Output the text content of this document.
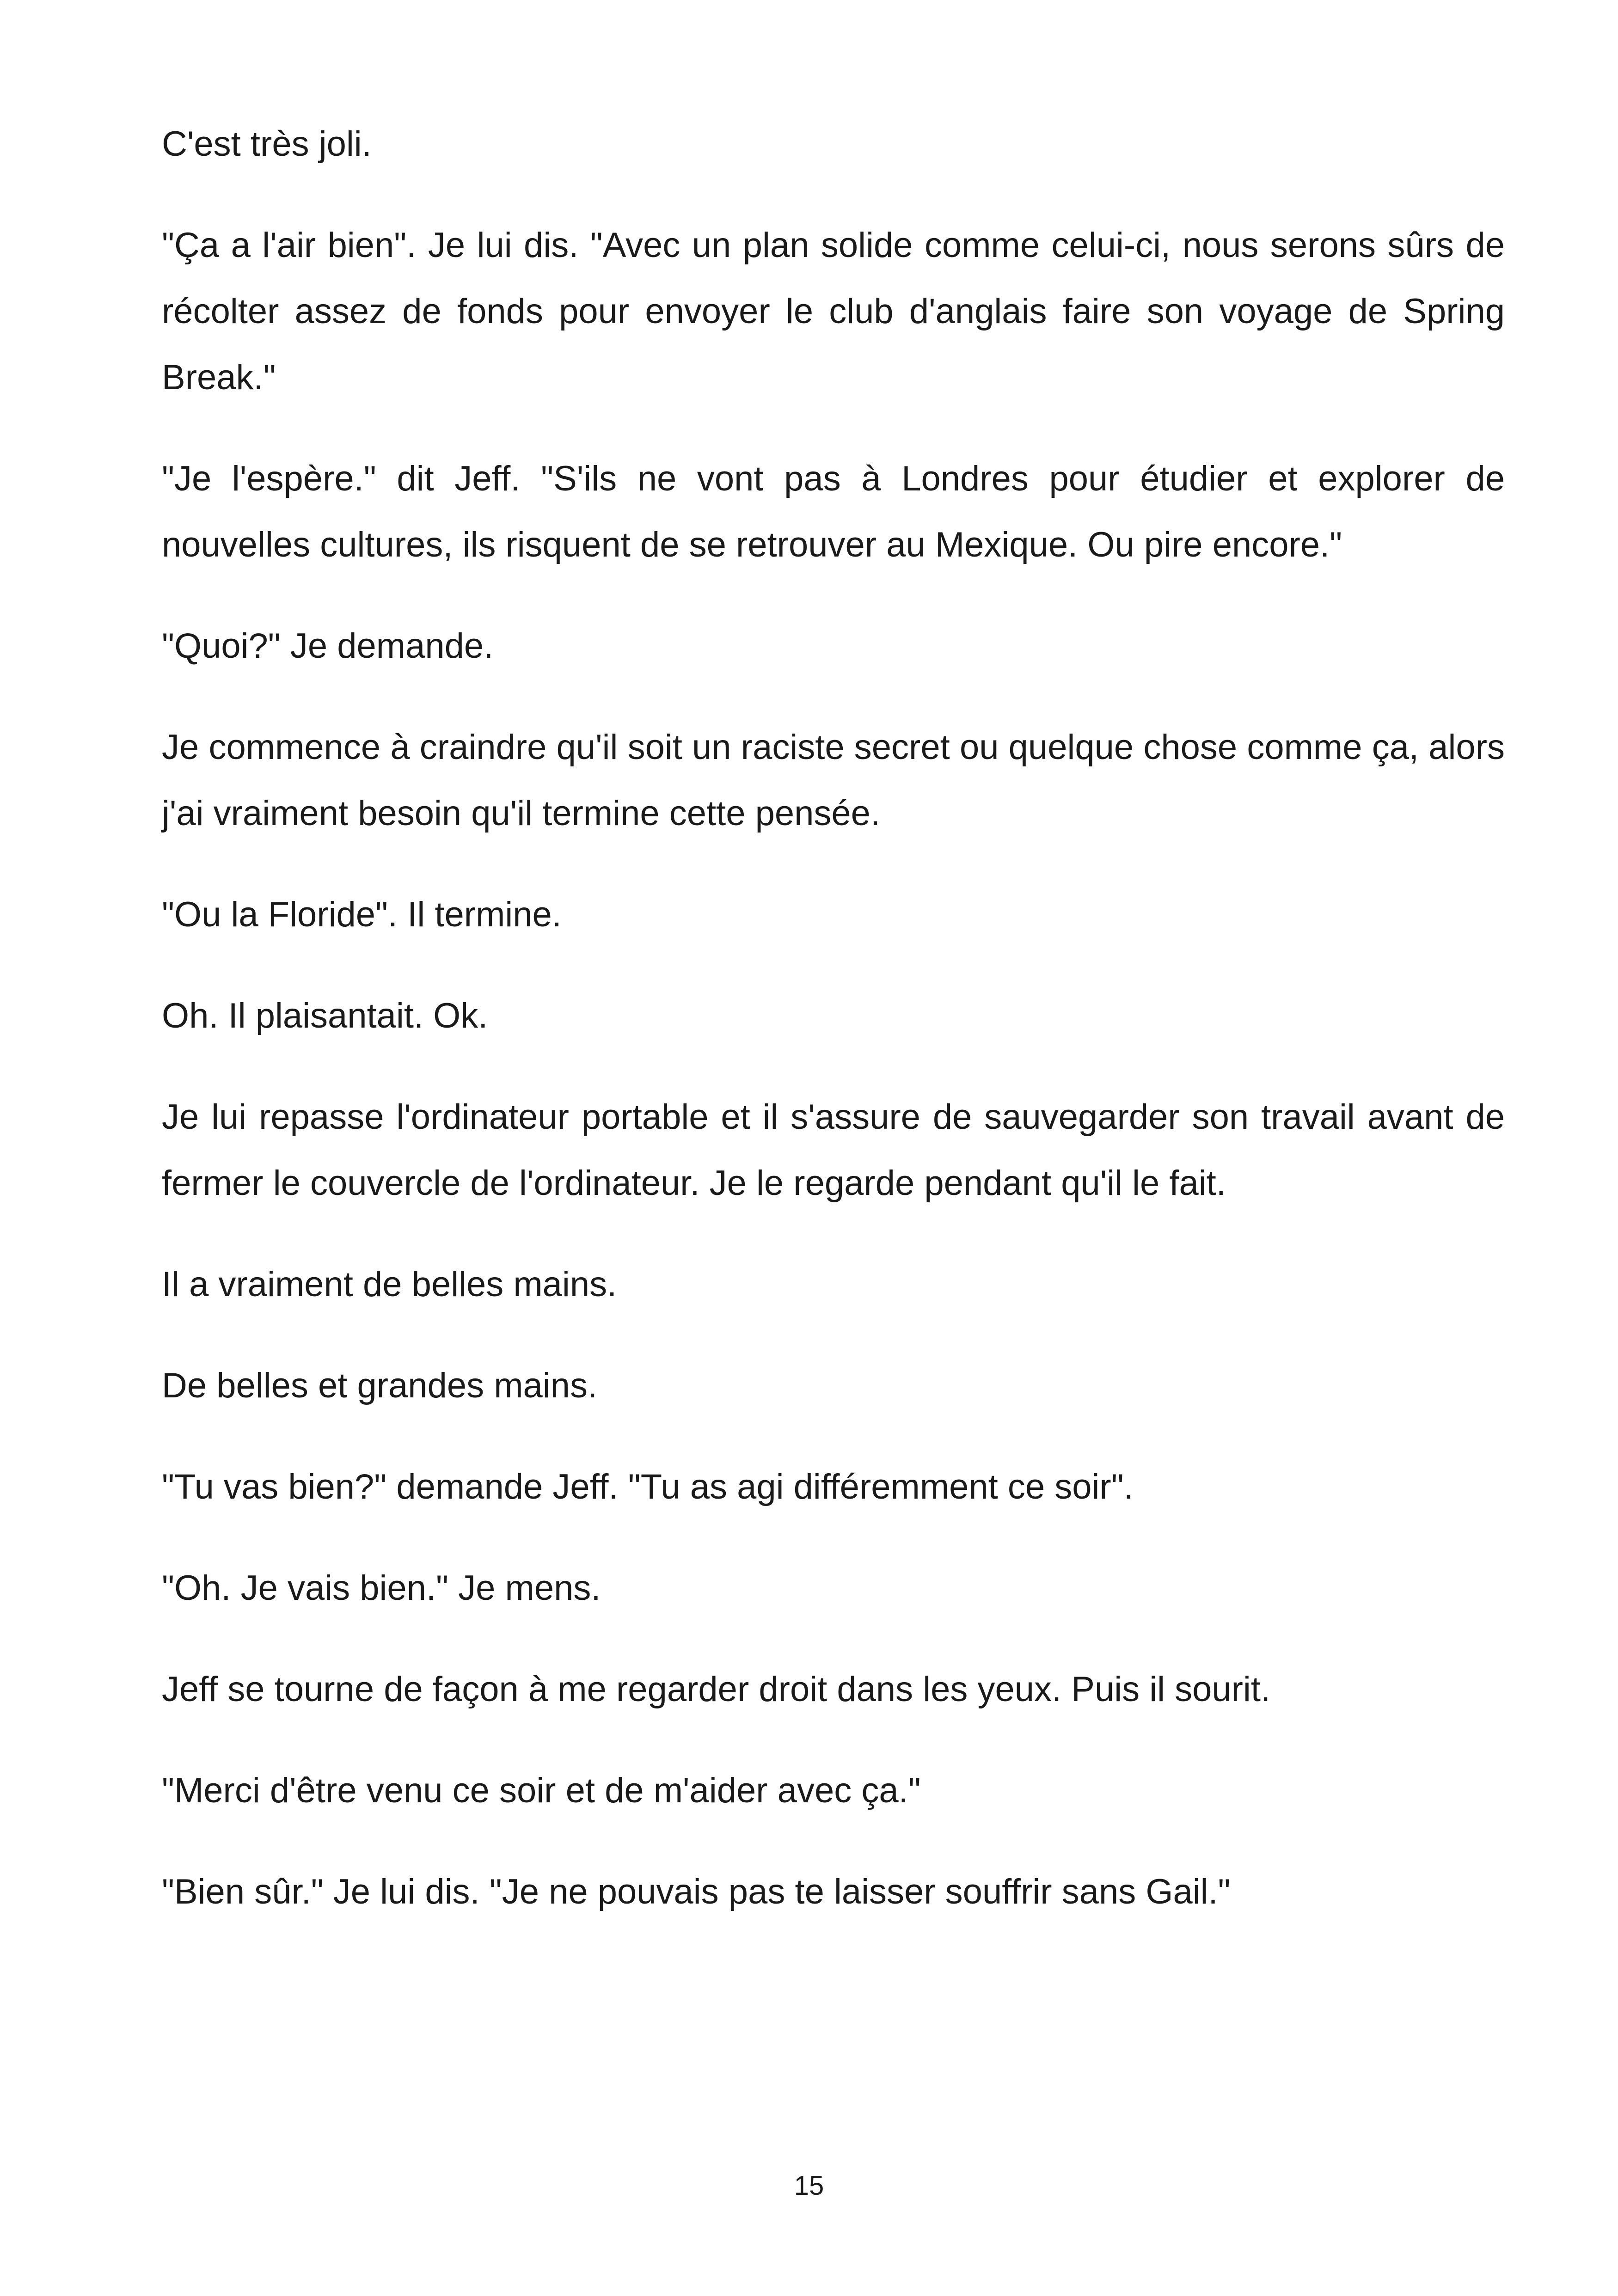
C'est très joli.

"Ça a l'air bien". Je lui dis. "Avec un plan solide comme celui-ci, nous serons sûrs de récolter assez de fonds pour envoyer le club d'anglais faire son voyage de Spring Break."

"Je l'espère." dit Jeff. "S'ils ne vont pas à Londres pour étudier et explorer de nouvelles cultures, ils risquent de se retrouver au Mexique. Ou pire encore."

"Quoi?" Je demande.

Je commence à craindre qu'il soit un raciste secret ou quelque chose comme ça, alors j'ai vraiment besoin qu'il termine cette pensée.

"Ou la Floride". Il termine.

Oh. Il plaisantait. Ok.

Je lui repasse l'ordinateur portable et il s'assure de sauvegarder son travail avant de fermer le couvercle de l'ordinateur. Je le regarde pendant qu'il le fait.

Il a vraiment de belles mains.

De belles et grandes mains.

"Tu vas bien?" demande Jeff. "Tu as agi différemment ce soir".

"Oh. Je vais bien." Je mens.

Jeff se tourne de façon à me regarder droit dans les yeux. Puis il sourit.

"Merci d'être venu ce soir et de m'aider avec ça."

"Bien sûr." Je lui dis. "Je ne pouvais pas te laisser souffrir sans Gail."

15
